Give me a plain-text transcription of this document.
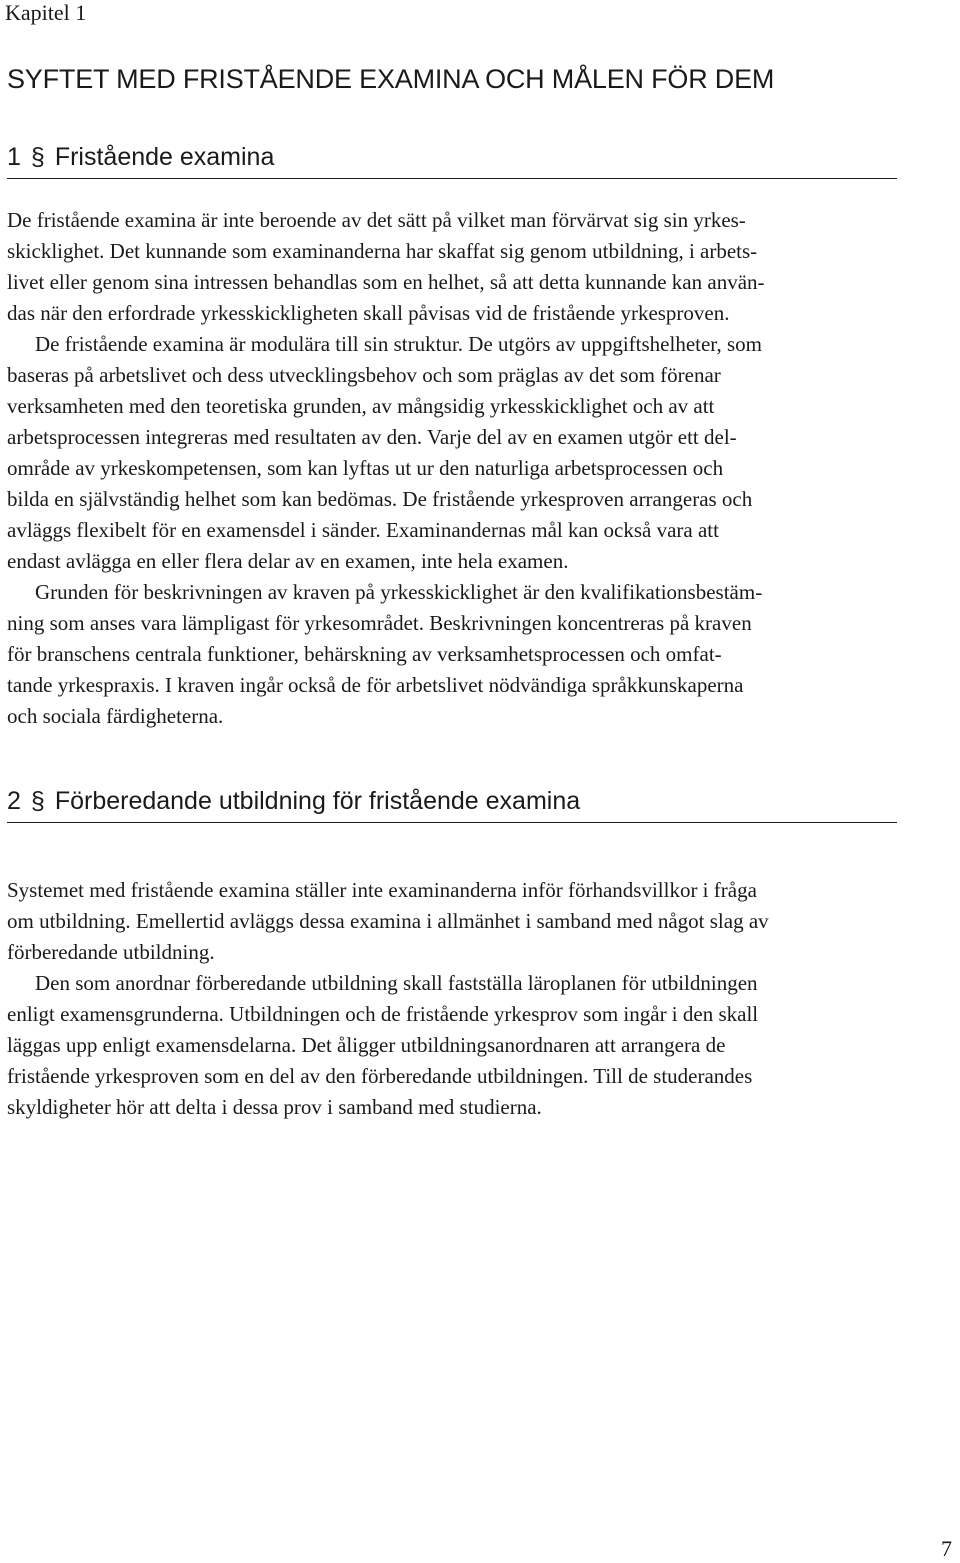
Kapitel 1
SYFTET MED FRISTÅENDE EXAMINA OCH MÅLEN FÖR DEM
1 § Fristående examina

De fristående examina är inte beroende av det sätt på vilket man förvärvat sig sin yrkes-

skicklighet. Det kunnande som examinanderna har skaffat sig genom utbildning, i arbets-

livet eller genom sina intressen behandlas som en helhet, så att detta kunnande kan använ-

das när den erfordrade yrkesskickligheten skall påvisas vid de fristående yrkesproven.

De fristående examina är modulära till sin struktur. De utgörs av uppgiftshelheter, som

baseras på arbetslivet och dess utvecklingsbehov och som präglas av det som förenar

verksamheten med den teoretiska grunden, av mångsidig yrkesskicklighet och av att

arbetsprocessen integreras med resultaten av den. Varje del av en examen utgör ett del-

område av yrkeskompetensen, som kan lyftas ut ur den naturliga arbetsprocessen och

bilda en självständig helhet som kan bedömas. De fristående yrkesproven arrangeras och

avläggs flexibelt för en examensdel i sänder. Examinandernas mål kan också vara att

endast avlägga en eller flera delar av en examen, inte hela examen.

Grunden för beskrivningen av kraven på yrkesskicklighet är den kvalifikationsbestäm-

ning som anses vara lämpligast för yrkesområdet. Beskrivningen koncentreras på kraven

för branschens centrala funktioner, behärskning av verksamhetsprocessen och omfat-

tande yrkespraxis. I kraven ingår också de för arbetslivet nödvändiga språkkunskaperna

och sociala färdigheterna.

2 § Förberedande utbildning för fristående examina

Systemet med fristående examina ställer inte examinanderna inför förhandsvillkor i fråga

om utbildning. Emellertid avläggs dessa examina i allmänhet i samband med något slag av

förberedande utbildning.

Den som anordnar förberedande utbildning skall fastställa läroplanen för utbildningen

enligt examensgrunderna. Utbildningen och de fristående yrkesprov som ingår i den skall

läggas upp enligt examensdelarna. Det åligger utbildningsanordnaren att arrangera de

fristående yrkesproven som en del av den förberedande utbildningen. Till de studerandes

skyldigheter hör att delta i dessa prov i samband med studierna.

7
